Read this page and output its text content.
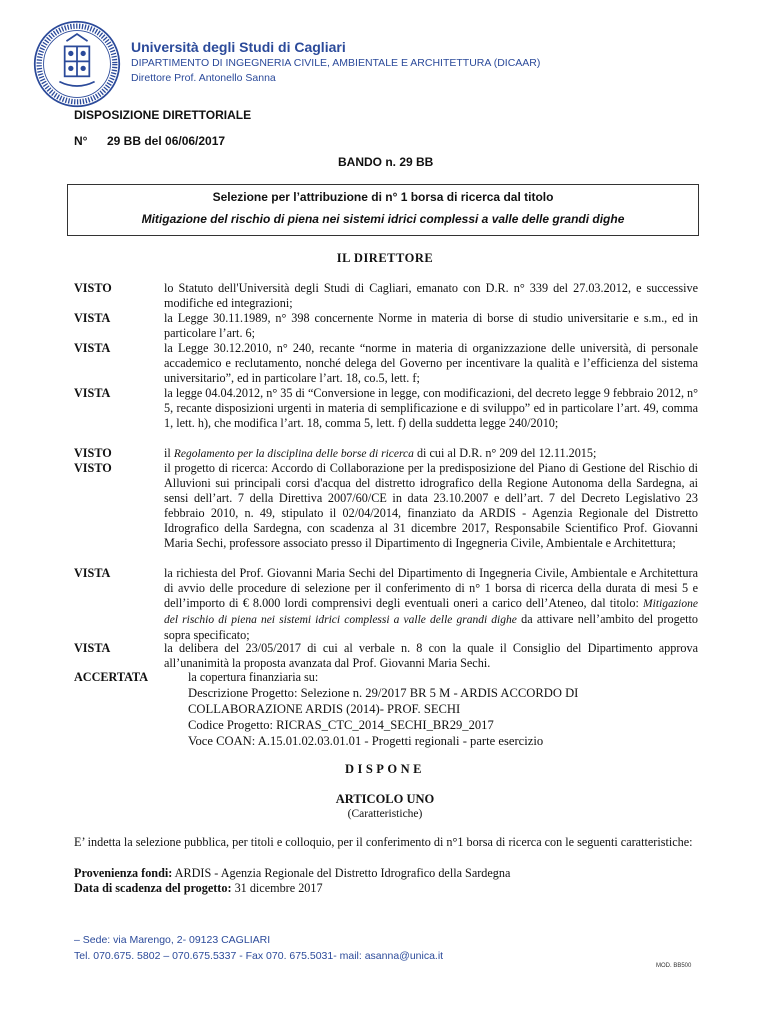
Università degli Studi di Cagliari
DIPARTIMENTO DI INGEGNERIA CIVILE, AMBIENTALE E ARCHITETTURA (DICAAR)
Direttore Prof. Antonello Sanna
DISPOSIZIONE DIRETTORIALE
N° 29 BB del 06/06/2017
BANDO n. 29 BB
Selezione per l’attribuzione di n° 1 borsa di ricerca dal titolo
Mitigazione del rischio di piena nei sistemi idrici complessi a valle delle grandi dighe
IL DIRETTORE
VISTO	lo Statuto dell'Università degli Studi di Cagliari, emanato con D.R. n° 339 del 27.03.2012, e successive modifiche ed integrazioni;
VISTA	la Legge 30.11.1989, n° 398 concernente Norme in materia di borse di studio universitarie e s.m., ed in particolare l’art. 6;
VISTA	la Legge 30.12.2010, n° 240, recante “norme in materia di organizzazione delle università, di personale accademico e reclutamento, nonché delega del Governo per incentivare la qualità e l’efficienza del sistema universitario”, ed in particolare l’art. 18, co.5, lett. f;
VISTA	la legge 04.04.2012, n° 35 di “Conversione in legge, con modificazioni, del decreto legge 9 febbraio 2012, n° 5, recante disposizioni urgenti in materia di semplificazione e di sviluppo” ed in particolare l’art. 49, comma 1, lett. h), che modifica l’art. 18, comma 5, lett. f) della suddetta legge 240/2010;
VISTO	il Regolamento per la disciplina delle borse di ricerca di cui al D.R. n° 209 del 12.11.2015;
VISTO	il progetto di ricerca: Accordo di Collaborazione per la predisposizione del Piano di Gestione del Rischio di Alluvioni sui principali corsi d'acqua del distretto idrografico della Regione Autonoma della Sardegna, ai sensi dell’art. 7 della Direttiva 2007/60/CE in data 23.10.2007 e dell’art. 7 del Decreto Legislativo 23 febbraio 2010, n. 49, stipulato il 02/04/2014, finanziato da ARDIS - Agenzia Regionale del Distretto Idrografico della Sardegna, con scadenza al 31 dicembre 2017, Responsabile Scientifico Prof. Giovanni Maria Sechi, professore associato presso il Dipartimento di Ingegneria Civile, Ambientale e Architettura;
VISTA	la richiesta del Prof. Giovanni Maria Sechi del Dipartimento di Ingegneria Civile, Ambientale e Architettura di avvio delle procedure di selezione per il conferimento di n° 1 borsa di ricerca della durata di mesi 5 e dell’importo di € 8.000 lordi comprensivi degli eventuali oneri a carico dell’Ateneo, dal titolo: Mitigazione del rischio di piena nei sistemi idrici complessi a valle delle grandi dighe da attivare nell’ambito del progetto sopra specificato;
VISTA	la delibera del 23/05/2017 di cui al verbale n. 8 con la quale il Consiglio del Dipartimento approva all’unanimità la proposta avanzata dal Prof. Giovanni Maria Sechi.
ACCERTATA	la copertura finanziaria su:
Descrizione Progetto: Selezione n. 29/2017 BR 5 M - ARDIS ACCORDO DI
COLLABORAZIONE ARDIS (2014)- PROF. SECHI
Codice Progetto: RICRAS_CTC_2014_SECHI_BR29_2017
Voce COAN: A.15.01.02.03.01.01 - Progetti regionali - parte esercizio
DISPONE
ARTICOLO UNO
(Caratteristiche)
E’ indetta la selezione pubblica, per titoli e colloquio, per il conferimento di n°1 borsa di ricerca con le seguenti caratteristiche:
Provenienza fondi: ARDIS - Agenzia Regionale del Distretto Idrografico della Sardegna
Data di scadenza del progetto: 31 dicembre 2017
– Sede: via Marengo, 2- 09123 CAGLIARI
Tel. 070.675. 5802 – 070.675.5337 - Fax 070. 675.5031- mail: asanna@unica.it
MOD. BB500
